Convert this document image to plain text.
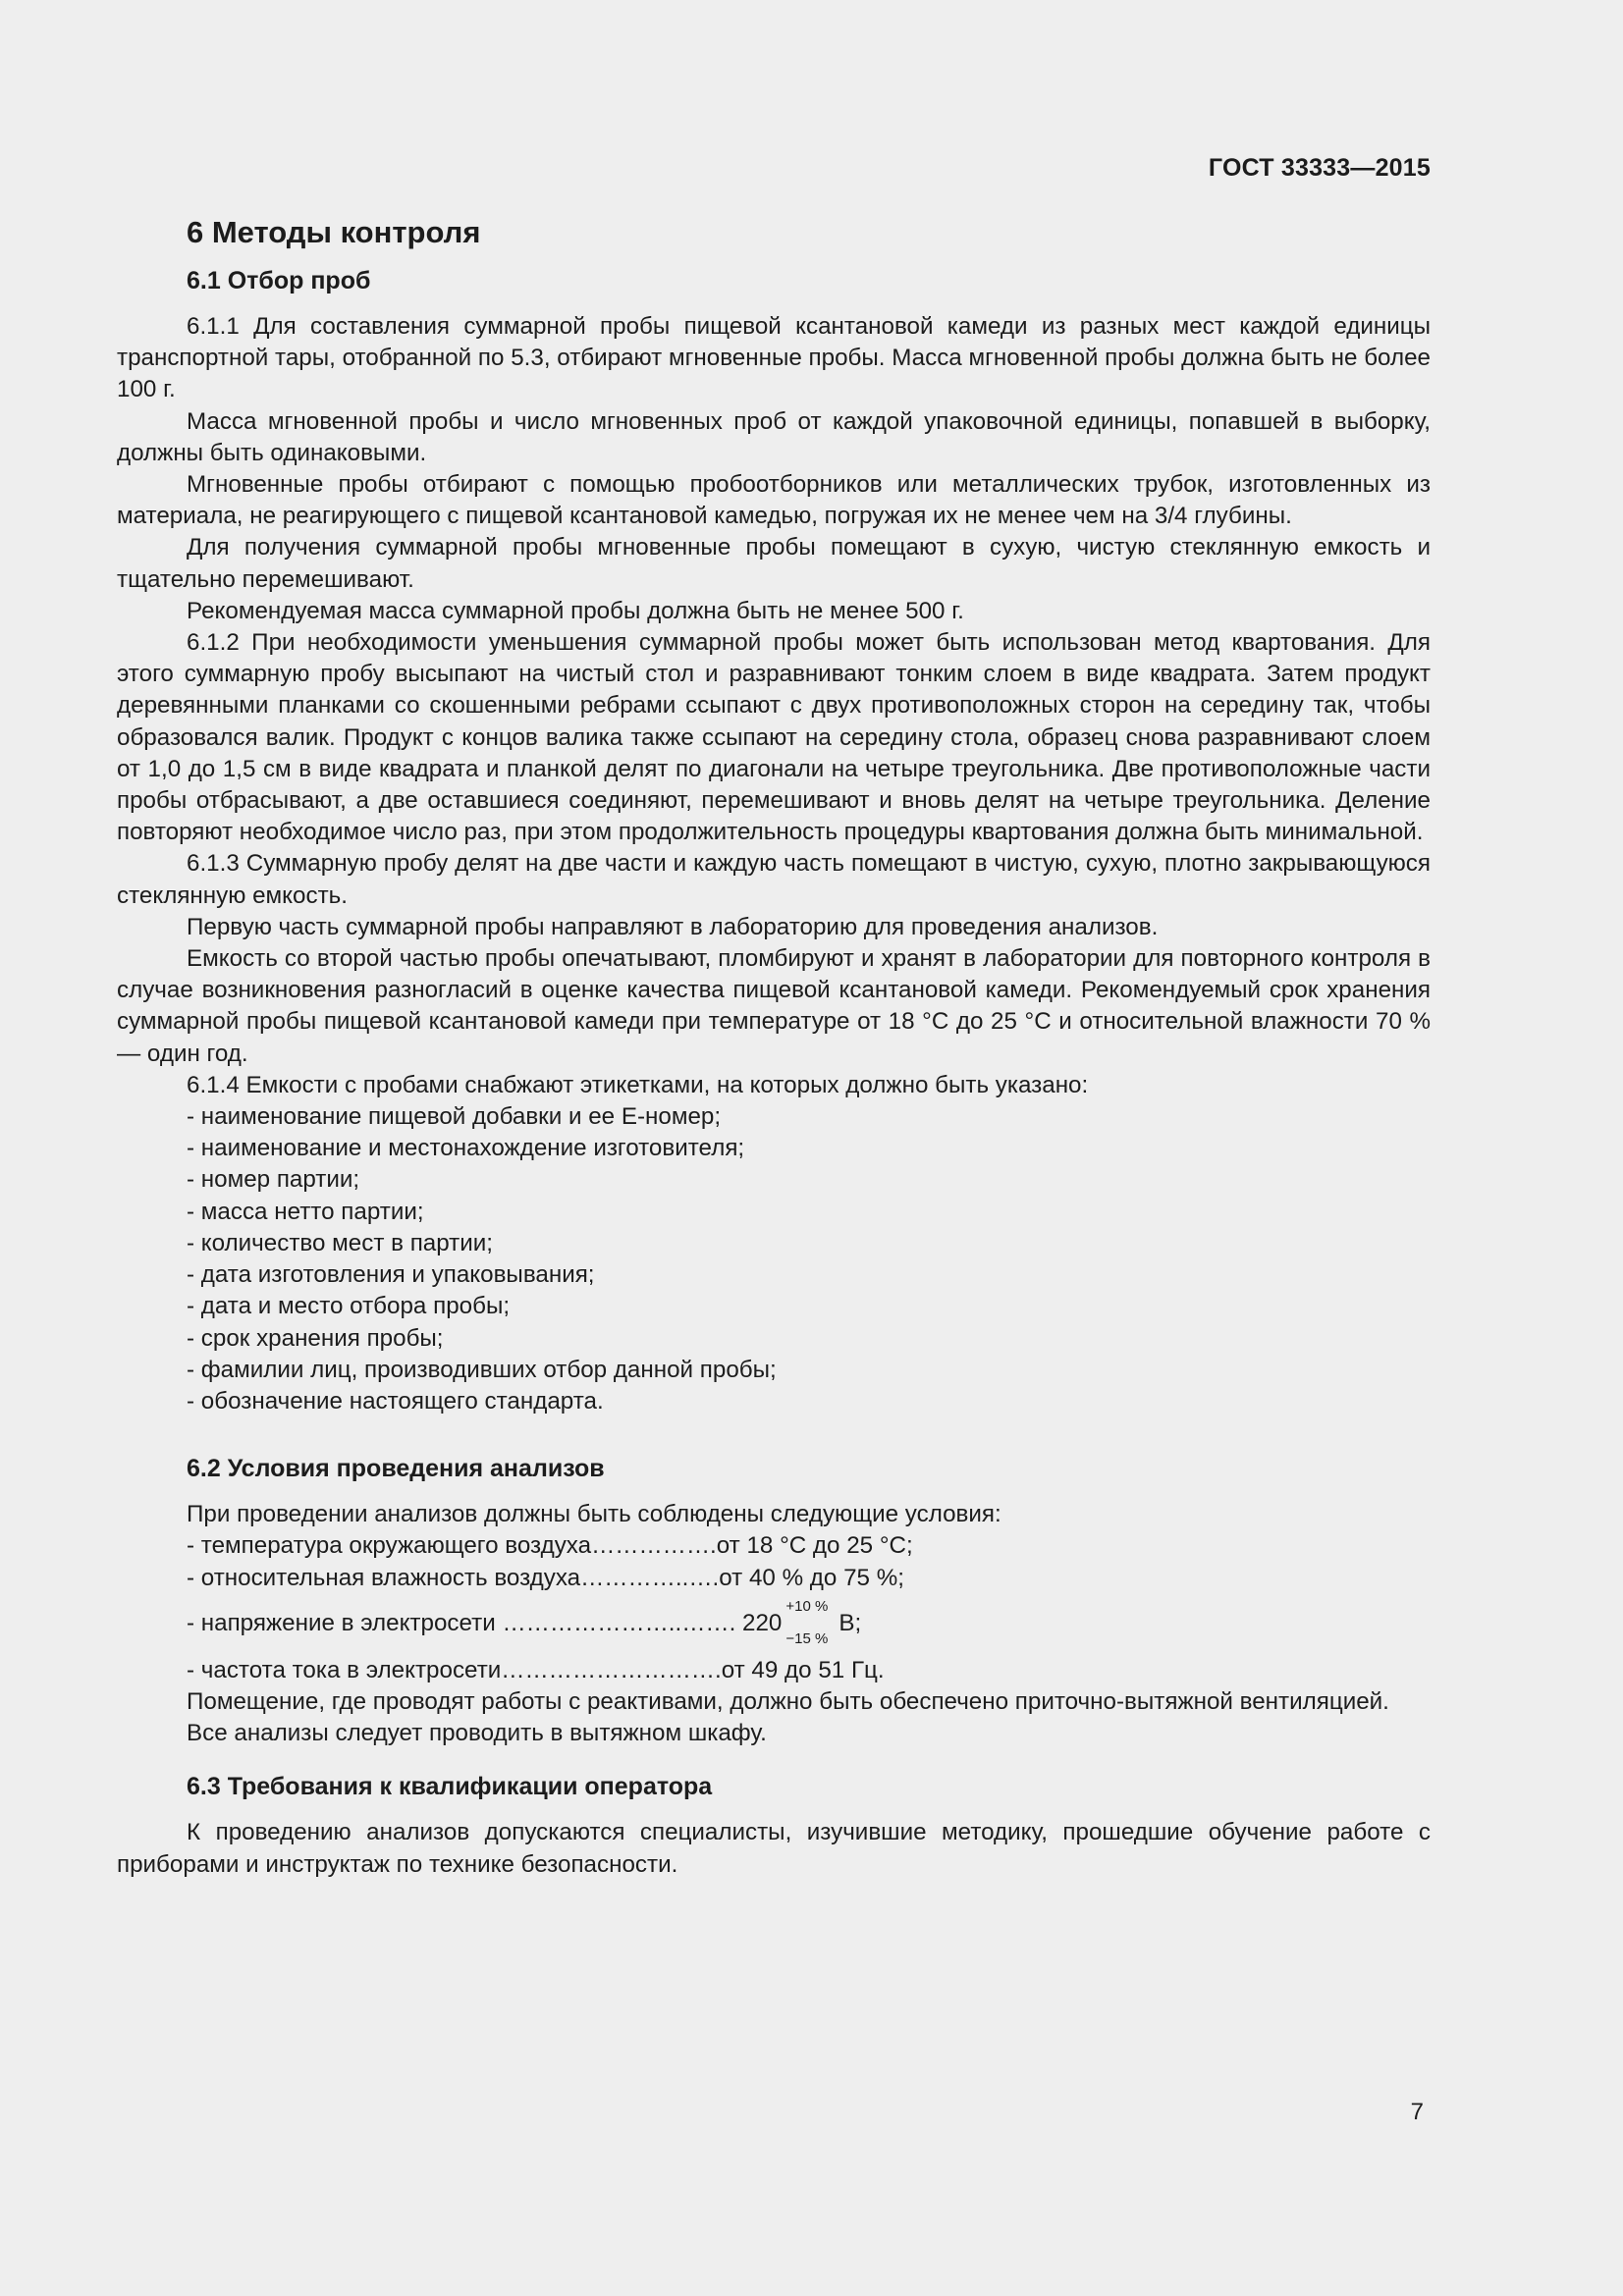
ГОСТ 33333—2015
6 Методы контроля
6.1 Отбор проб

6.1.1 Для составления суммарной пробы пищевой ксантановой камеди из разных мест каждой единицы транспортной тары, отобранной по 5.3, отбирают мгновенные пробы. Масса мгновенной пробы должна быть не более 100 г.

Масса мгновенной пробы и число мгновенных проб от каждой упаковочной единицы, попавшей в выборку, должны быть одинаковыми.

Мгновенные пробы отбирают с помощью пробоотборников или металлических трубок, изготовленных из материала, не реагирующего с пищевой ксантановой камедью, погружая их не менее чем на 3/4 глубины.

Для получения суммарной пробы мгновенные пробы помещают в сухую, чистую стеклянную емкость и тщательно перемешивают.

Рекомендуемая масса суммарной пробы должна быть не менее 500 г.

6.1.2 При необходимости уменьшения суммарной пробы может быть использован метод квартования. Для этого суммарную пробу высыпают на чистый стол и разравнивают тонким слоем в виде квадрата. Затем продукт деревянными планками со скошенными ребрами ссыпают с двух противоположных сторон на середину так, чтобы образовался валик. Продукт с концов валика также ссыпают на середину стола, образец снова разравнивают слоем от 1,0 до 1,5 см в виде квадрата и планкой делят по диагонали на четыре треугольника. Две противоположные части пробы отбрасывают, а две оставшиеся соединяют, перемешивают и вновь делят на четыре треугольника. Деление повторяют необходимое число раз, при этом продолжительность процедуры квартования должна быть минимальной.

6.1.3 Суммарную пробу делят на две части и каждую часть помещают в чистую, сухую, плотно закрывающуюся стеклянную емкость.

Первую часть суммарной пробы направляют в лабораторию для проведения анализов.

Емкость со второй частью пробы опечатывают, пломбируют и хранят в лаборатории для повторного контроля в случае возникновения разногласий в оценке качества пищевой ксантановой камеди. Рекомендуемый срок хранения суммарной пробы пищевой ксантановой камеди при температуре от 18 °С до 25 °С и относительной влажности 70 % — один год.

6.1.4 Емкости с пробами снабжают этикетками, на которых должно быть указано:

- наименование пищевой добавки и ее Е-номер;
- наименование и местонахождение изготовителя;
- номер партии;
- масса нетто партии;
- количество мест в партии;
- дата изготовления и упаковывания;
- дата и место отбора пробы;
- срок хранения пробы;
- фамилии лиц, производивших отбор данной пробы;
- обозначение настоящего стандарта.
6.2 Условия проведения анализов
При проведении анализов должны быть соблюдены следующие условия:
- температура окружающего воздуха…………….от 18 °С до 25 °С;
- относительная влажность воздуха…………..….от 40 % до 75 %;
- напряжение в электросети …………………..……. 220
+10 %
−15 %
В;
- частота тока в электросети……………………….от 49 до 51 Гц.

Помещение, где проводят работы с реактивами, должно быть обеспечено приточно-вытяжной вентиляцией.

Все анализы следует проводить в вытяжном шкафу.

6.3 Требования к квалификации оператора

К проведению анализов допускаются специалисты, изучившие методику, прошедшие обучение работе с приборами и инструктаж по технике безопасности.

7
